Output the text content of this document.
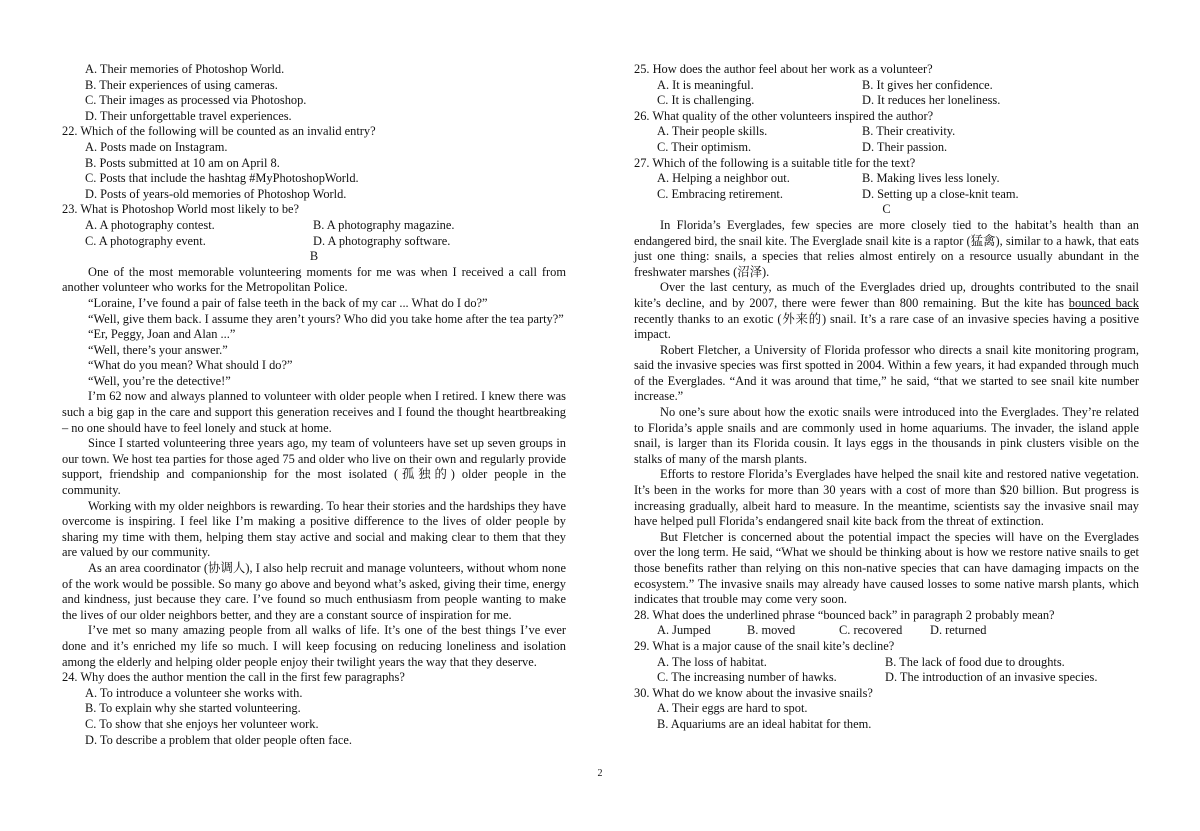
A. Their memories of Photoshop World.
B. Their experiences of using cameras.
C. Their images as processed via Photoshop.
D. Their unforgettable travel experiences.
22. Which of the following will be counted as an invalid entry?
A. Posts made on Instagram.
B. Posts submitted at 10 am on April 8.
C. Posts that include the hashtag #MyPhotoshopWorld.
D. Posts of years-old memories of Photoshop World.
23. What is Photoshop World most likely to be?
A. A photography contest.	B. A photography magazine.
C. A photography event.	D. A photography software.
B
One of the most memorable volunteering moments for me was when I received a call from another volunteer who works for the Metropolitan Police.
“Loraine, I’ve found a pair of false teeth in the back of my car ... What do I do?”
“Well, give them back. I assume they aren’t yours? Who did you take home after the tea party?”
“Er, Peggy, Joan and Alan ...”
“Well, there’s your answer.”
“What do you mean? What should I do?”
“Well, you’re the detective!”
I’m 62 now and always planned to volunteer with older people when I retired. I knew there was such a big gap in the care and support this generation receives and I found the thought heartbreaking – no one should have to feel lonely and stuck at home.
Since I started volunteering three years ago, my team of volunteers have set up seven groups in our town. We host tea parties for those aged 75 and older who live on their own and regularly provide support, friendship and companionship for the most isolated (孤独的) older people in the community.
Working with my older neighbors is rewarding. To hear their stories and the hardships they have overcome is inspiring. I feel like I’m making a positive difference to the lives of older people by sharing my time with them, helping them stay active and social and making clear to them that they are valued by our community.
As an area coordinator (协调人), I also help recruit and manage volunteers, without whom none of the work would be possible. So many go above and beyond what’s asked, giving their time, energy and kindness, just because they care. I’ve found so much enthusiasm from people wanting to make the lives of our older neighbors better, and they are a constant source of inspiration for me.
I’ve met so many amazing people from all walks of life. It’s one of the best things I’ve ever done and it’s enriched my life so much. I will keep focusing on reducing loneliness and isolation among the elderly and helping older people enjoy their twilight years the way that they deserve.
24. Why does the author mention the call in the first few paragraphs?
A. To introduce a volunteer she works with.
B. To explain why she started volunteering.
C. To show that she enjoys her volunteer work.
D. To describe a problem that older people often face.
25. How does the author feel about her work as a volunteer?
A. It is meaningful.	B. It gives her confidence.
C. It is challenging.	D. It reduces her loneliness.
26. What quality of the other volunteers inspired the author?
A. Their people skills.	B. Their creativity.
C. Their optimism.	D. Their passion.
27. Which of the following is a suitable title for the text?
A. Helping a neighbor out.	B. Making lives less lonely.
C. Embracing retirement.	D. Setting up a close-knit team.
C
In Florida’s Everglades, few species are more closely tied to the habitat’s health than an endangered bird, the snail kite. The Everglade snail kite is a raptor (猛禽), similar to a hawk, that eats just one thing: snails, a species that relies almost entirely on a resource usually abundant in the freshwater marshes (沼泽).
Over the last century, as much of the Everglades dried up, droughts contributed to the snail kite’s decline, and by 2007, there were fewer than 800 remaining. But the kite has bounced back recently thanks to an exotic (外来的) snail. It’s a rare case of an invasive species having a positive impact.
Robert Fletcher, a University of Florida professor who directs a snail kite monitoring program, said the invasive species was first spotted in 2004. Within a few years, it had expanded through much of the Everglades. “And it was around that time,” he said, “that we started to see snail kite number increase.”
No one’s sure about how the exotic snails were introduced into the Everglades. They’re related to Florida’s apple snails and are commonly used in home aquariums. The invader, the island apple snail, is larger than its Florida cousin. It lays eggs in the thousands in pink clusters visible on the stalks of many of the marsh plants.
Efforts to restore Florida’s Everglades have helped the snail kite and restored native vegetation. It’s been in the works for more than 30 years with a cost of more than $20 billion. But progress is increasing gradually, albeit hard to measure. In the meantime, scientists say the invasive snail may have helped pull Florida’s endangered snail kite back from the threat of extinction.
But Fletcher is concerned about the potential impact the species will have on the Everglades over the long term. He said, “What we should be thinking about is how we restore native snails to get those benefits rather than relying on this non-native species that can have damaging impacts on the ecosystem.” The invasive snails may already have caused losses to some native marsh plants, which indicates that trouble may come very soon.
28. What does the underlined phrase “bounced back” in paragraph 2 probably mean?
A. Jumped	B. moved	C. recovered	D. returned
29. What is a major cause of the snail kite’s decline?
A. The loss of habitat.	B. The lack of food due to droughts.
C. The increasing number of hawks.	D. The introduction of an invasive species.
30. What do we know about the invasive snails?
A. Their eggs are hard to spot.
B. Aquariums are an ideal habitat for them.
2
